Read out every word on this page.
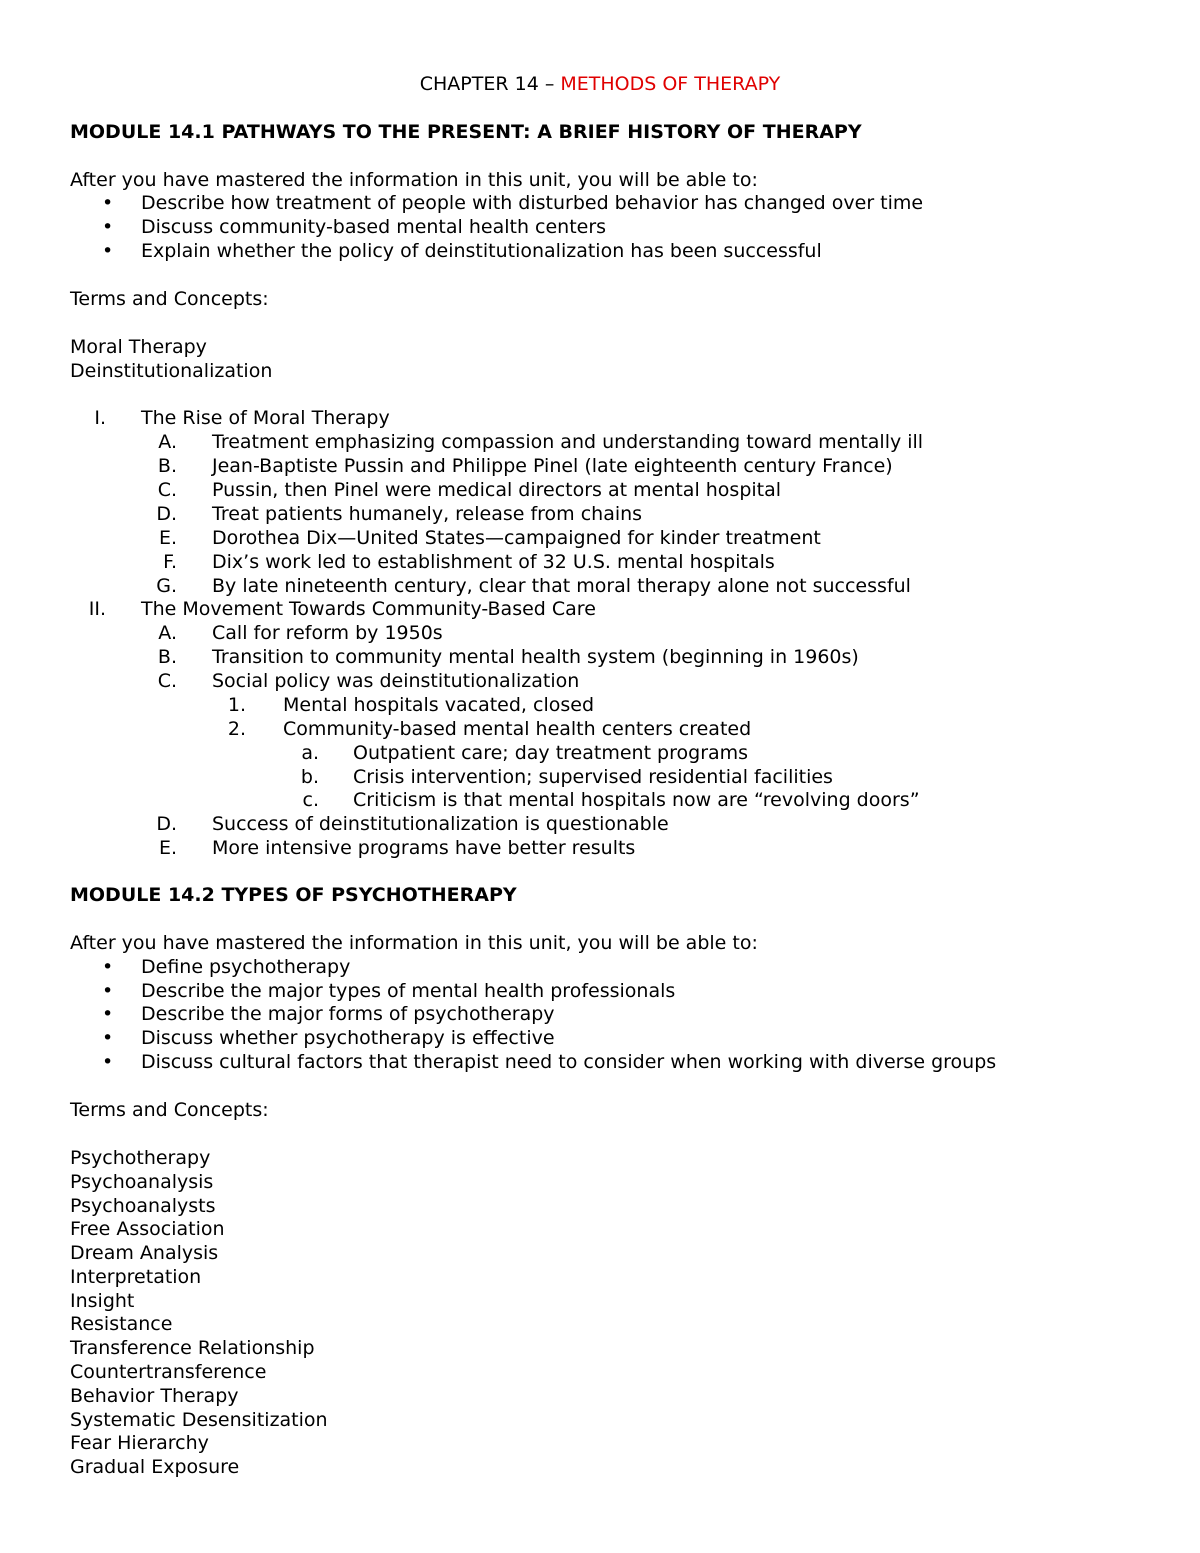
CHAPTER 14 – METHODS OF THERAPY
MODULE 14.1 PATHWAYS TO THE PRESENT: A BRIEF HISTORY OF THERAPY
After you have mastered the information in this unit, you will be able to:
• Describe how treatment of people with disturbed behavior has changed over time
• Discuss community-based mental health centers
• Explain whether the policy of deinstitutionalization has been successful
Terms and Concepts:
Moral Therapy
Deinstitutionalization
I. The Rise of Moral Therapy
A. Treatment emphasizing compassion and understanding toward mentally ill
B. Jean-Baptiste Pussin and Philippe Pinel (late eighteenth century France)
C. Pussin, then Pinel were medical directors at mental hospital
D. Treat patients humanely, release from chains
E. Dorothea Dix—United States—campaigned for kinder treatment
F. Dix’s work led to establishment of 32 U.S. mental hospitals
G. By late nineteenth century, clear that moral therapy alone not successful
II. The Movement Towards Community-Based Care
A. Call for reform by 1950s
B. Transition to community mental health system (beginning in 1960s)
C. Social policy was deinstitutionalization
1. Mental hospitals vacated, closed
2. Community-based mental health centers created
a. Outpatient care; day treatment programs
b. Crisis intervention; supervised residential facilities
c. Criticism is that mental hospitals now are “revolving doors”
D. Success of deinstitutionalization is questionable
E. More intensive programs have better results
MODULE 14.2 TYPES OF PSYCHOTHERAPY
After you have mastered the information in this unit, you will be able to:
• Define psychotherapy
• Describe the major types of mental health professionals
• Describe the major forms of psychotherapy
• Discuss whether psychotherapy is effective
• Discuss cultural factors that therapist need to consider when working with diverse groups
Terms and Concepts:
Psychotherapy
Psychoanalysis
Psychoanalysts
Free Association
Dream Analysis
Interpretation
Insight
Resistance
Transference Relationship
Countertransference
Behavior Therapy
Systematic Desensitization
Fear Hierarchy
Gradual Exposure
